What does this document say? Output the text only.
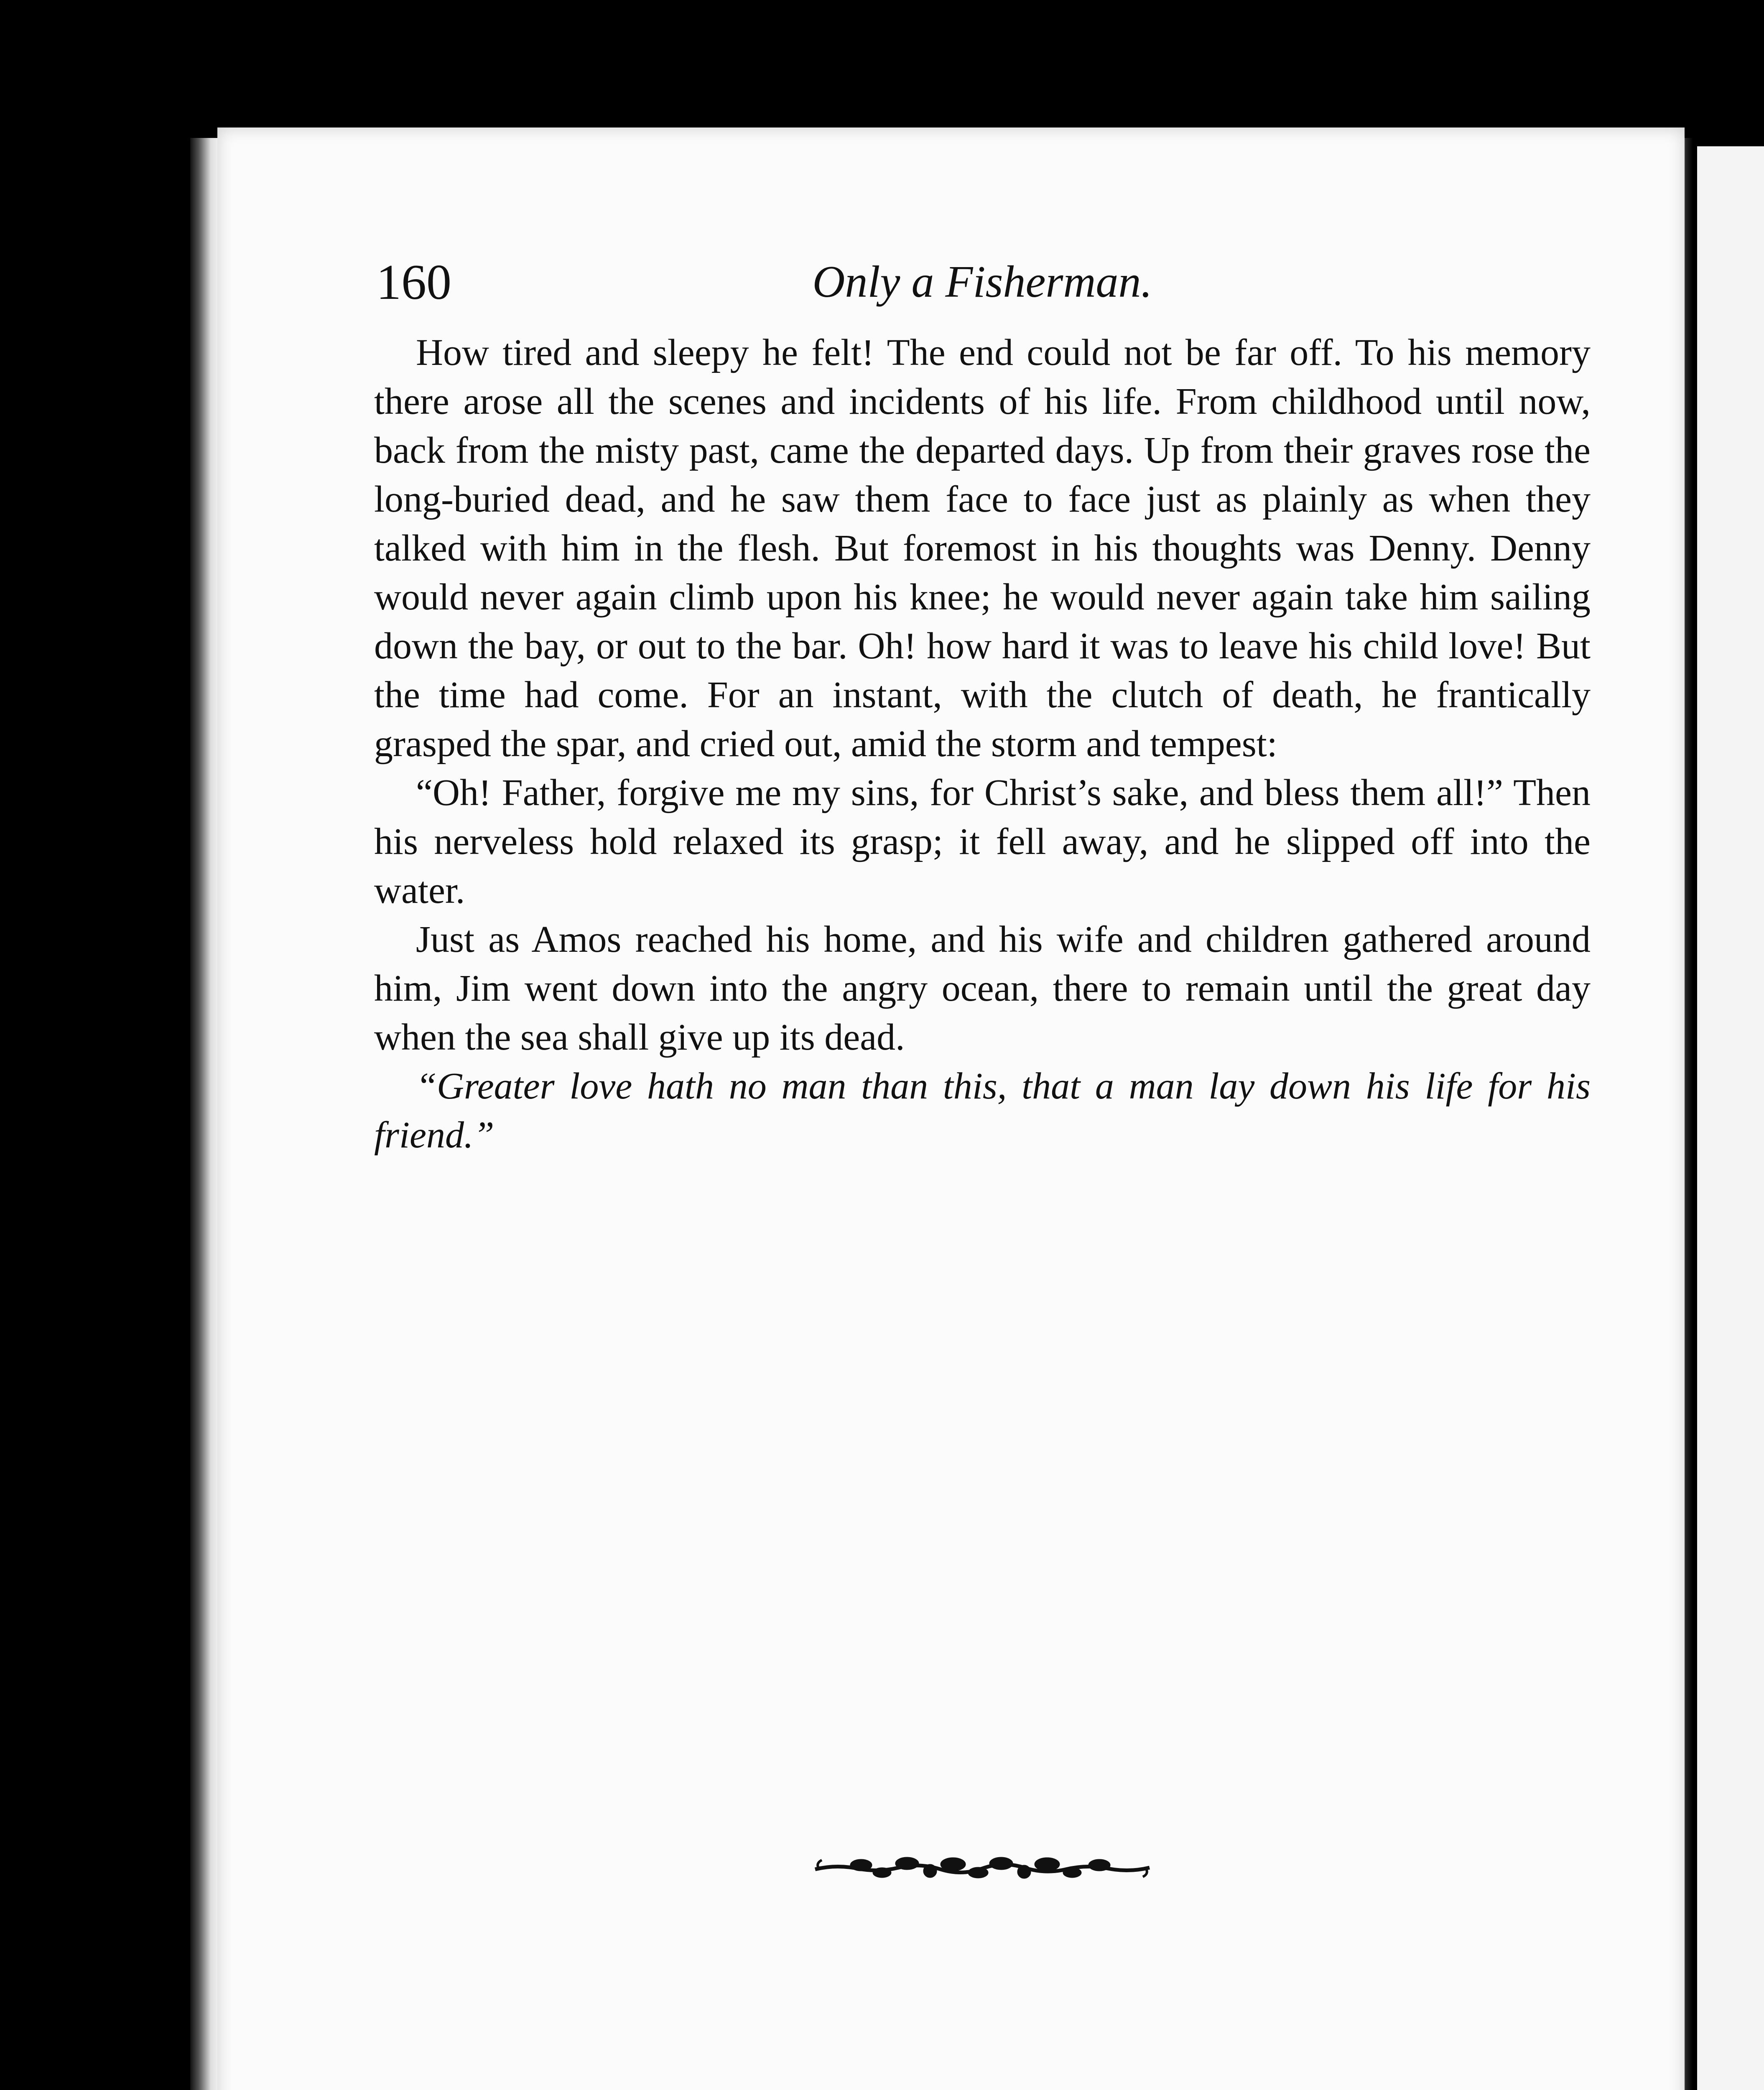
Only a Fisherman.
160

How tired and sleepy he felt! The end could not be far off. To his memory there arose all the scenes and incidents of his life. From childhood until now, back from the misty past, came the departed days. Up from their graves rose the long-buried dead, and he saw them face to face just as plainly as when they talked with him in the flesh. But foremost in his thoughts was Denny. Denny would never again climb upon his knee; he would never again take him sailing down the bay, or out to the bar. Oh! how hard it was to leave his child love! But the time had come. For an instant, with the clutch of death, he frantically grasped the spar, and cried out, amid the storm and tempest:

“Oh! Father, forgive me my sins, for Christ’s sake, and bless them all!” Then his nerveless hold relaxed its grasp; it fell away, and he slipped off into the water.

Just as Amos reached his home, and his wife and children gathered around him, Jim went down into the angry ocean, there to remain until the great day when the sea shall give up its dead.

“Greater love hath no man than this, that a man lay down his life for his friend.”
